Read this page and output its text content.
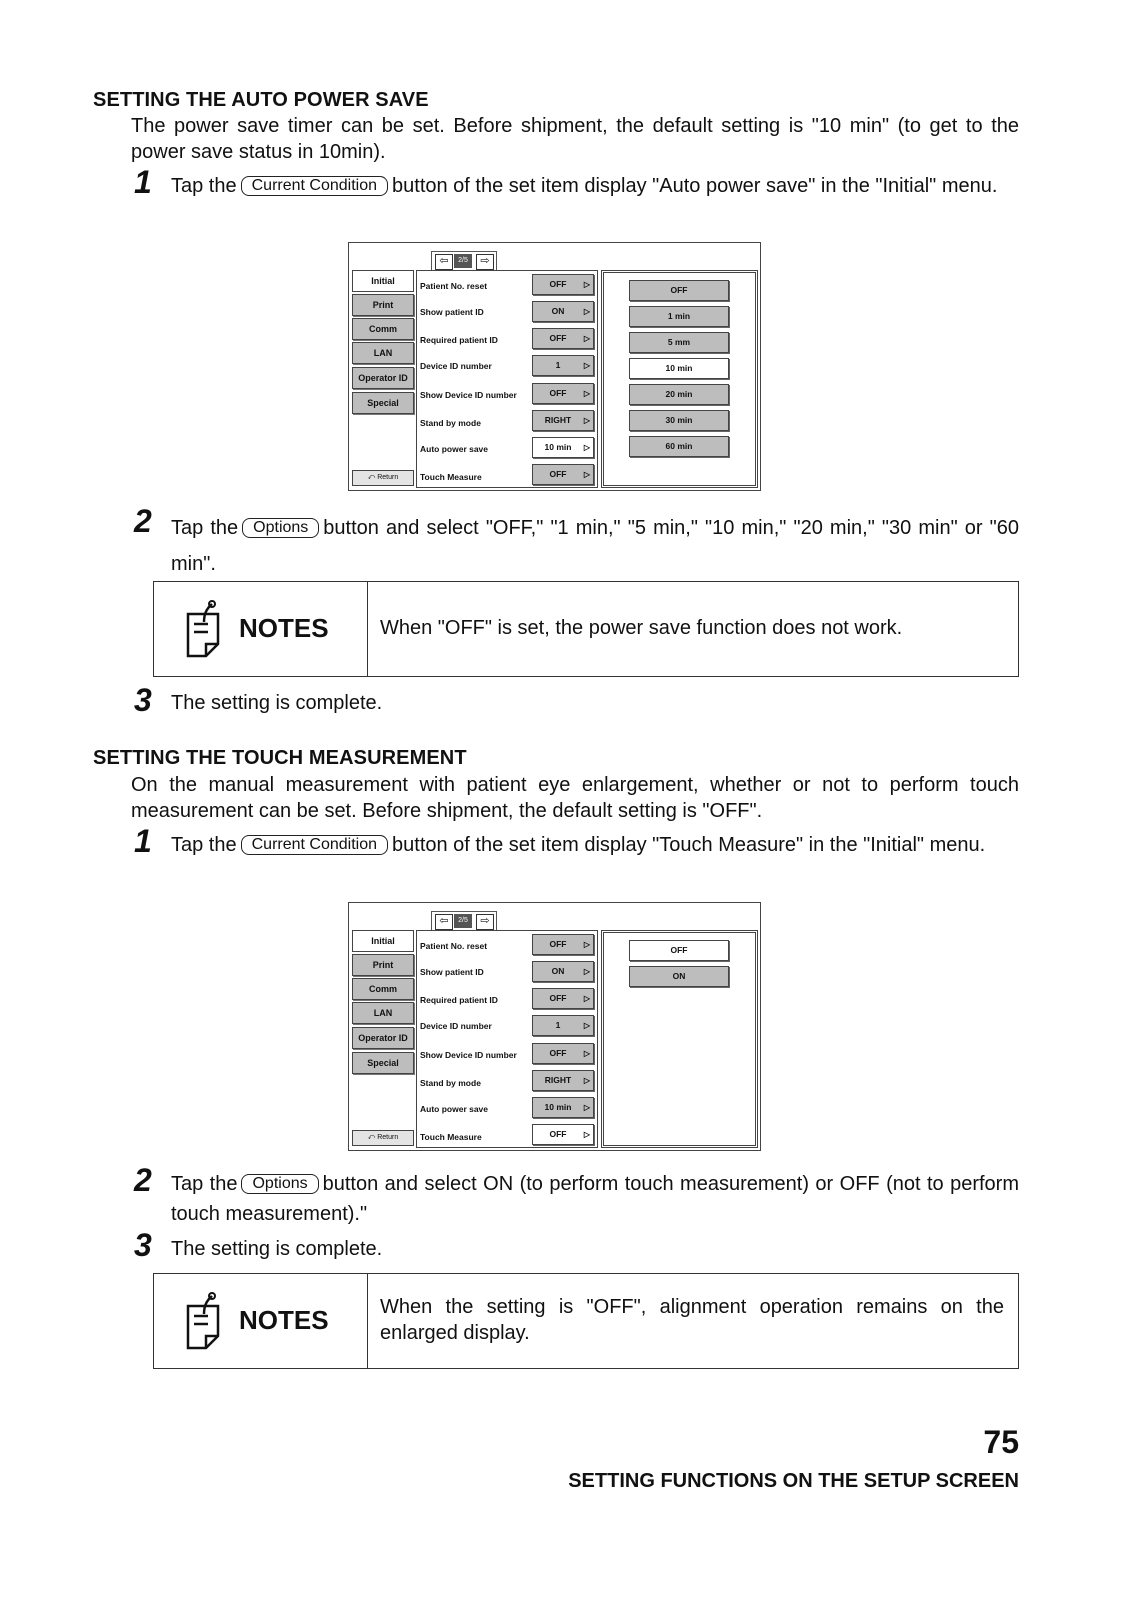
SETTING THE AUTO POWER SAVE
The power save timer can be set. Before shipment, the default setting is "10 min" (to get to the power save status in 10min).
1 Tap the Current Condition button of the set item display "Auto power save" in the "Initial" menu.
⇦	2/5	⇨
Initial
Print
Comm
LAN
Operator ID
Special
⤺ Return
Patient No. reset	OFF ▷
Show patient ID	ON ▷
Required patient ID	OFF ▷
Device ID number	1	▷
Show Device ID number	OFF ▷
Stand by mode	RIGHT ▷
Auto power save	10 min ▷
Touch Measure	OFF ▷
OFF
1 min
5 mm
10 min
20 min
30 min
60 min
2 Tap the Options button and select "OFF," "1 min," "5 min," "10 min," "20 min," "30 min" or "60 min".
NOTES	When "OFF" is set, the power save function does not work.
3 The setting is complete.
SETTING THE TOUCH MEASUREMENT
On the manual measurement with patient eye enlargement, whether or not to perform touch measurement can be set. Before shipment, the default setting is "OFF".
1 Tap the Current Condition button of the set item display "Touch Measure" in the "Initial" menu.
⇦	2/5	⇨
Initial
Print
Comm
LAN
Operator ID
Special
⤺ Return
Patient No. reset	OFF ▷
Show patient ID	ON ▷
Required patient ID	OFF ▷
Device ID number	1	▷
Show Device ID number	OFF ▷
Stand by mode	RIGHT ▷
Auto power save	10 min ▷
Touch Measure	OFF ▷
OFF
ON
2 Tap the Options button and select ON (to perform touch measurement) or OFF (not to perform touch measurement)."
3 The setting is complete.
NOTES	When the setting is "OFF", alignment operation remains on the enlarged display.
75
SETTING FUNCTIONS ON THE SETUP SCREEN
